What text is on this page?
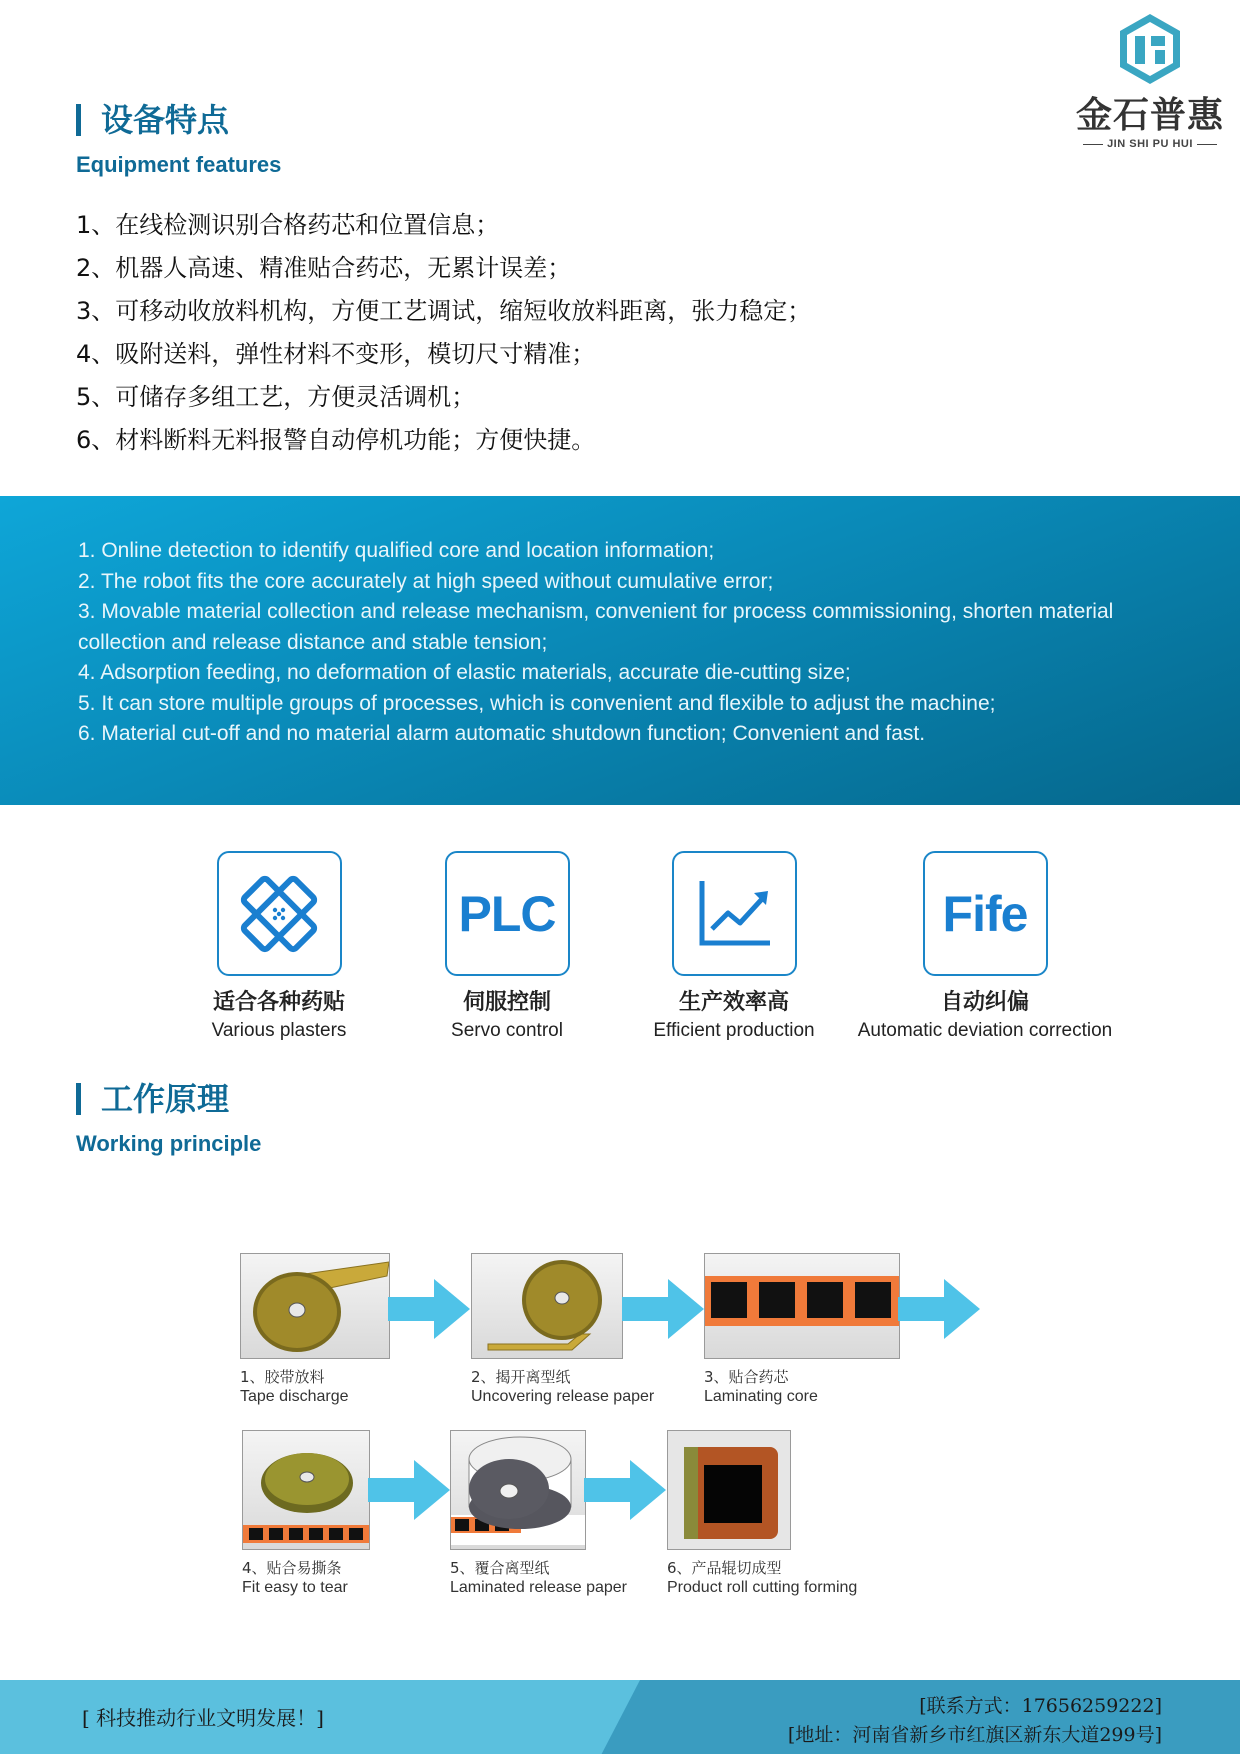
金石普惠
JIN SHI PU HUI
设备特点
Equipment features
1、在线检测识别合格药芯和位置信息；
2、机器人高速、精准贴合药芯，无累计误差；
3、可移动收放料机构，方便工艺调试，缩短收放料距离，张力稳定；
4、吸附送料，弹性材料不变形，模切尺寸精准；
5、可储存多组工艺，方便灵活调机；
6、材料断料无料报警自动停机功能；方便快捷。
1. Online detection to identify qualified core and location information;
2. The robot fits the core accurately at high speed without cumulative error;
3. Movable material collection and release mechanism, convenient for process commissioning, shorten material collection and release distance and stable tension;
4. Adsorption feeding, no deformation of elastic materials, accurate die-cutting size;
5. It can store multiple groups of processes, which is convenient and flexible to adjust the machine;
6. Material cut-off and no material alarm automatic shutdown function; Convenient and fast.
适合各种药贴
Various plasters
PLC
伺服控制
Servo control
生产效率高
Efficient production
Fife
自动纠偏
Automatic deviation correction
工作原理
Working principle
1、胶带放料
Tape discharge
2、揭开离型纸
Uncovering release paper
3、贴合药芯
Laminating core
4、贴合易撕条
Fit easy to tear
5、覆合离型纸
Laminated release paper
6、产品辊切成型
Product roll cutting forming
[ 科技推动行业文明发展！]	[联系方式：17656259222]
[地址：河南省新乡市红旗区新东大道299号]
